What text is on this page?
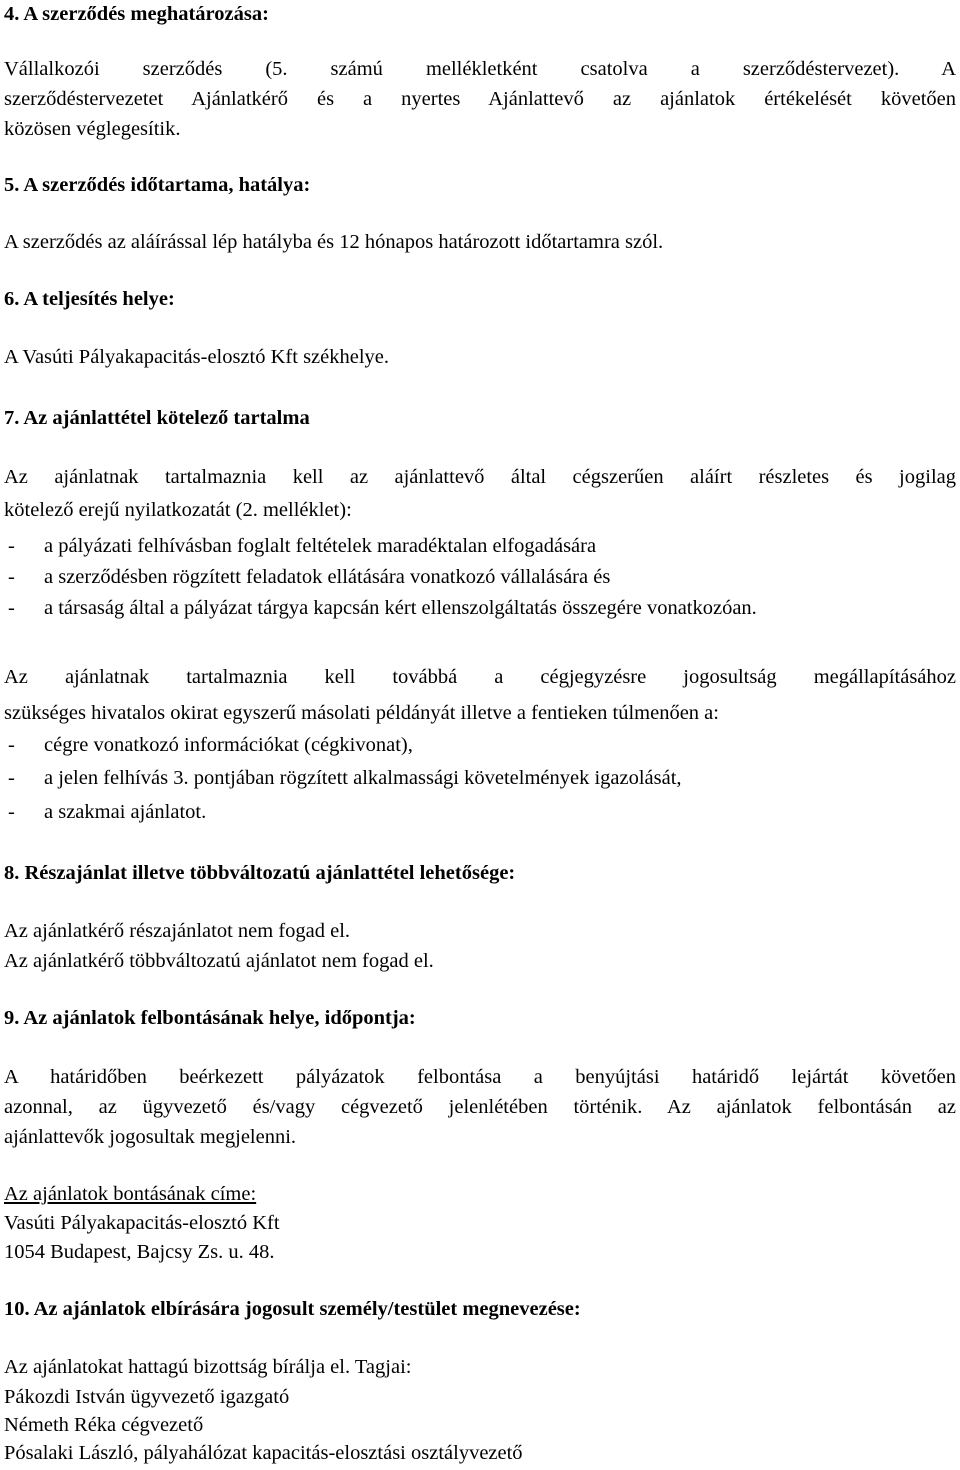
4. A szerződés meghatározása:
Vállalkozói szerződés (5. számú mellékletként csatolva a szerződéstervezet). A
szerződéstervezetet Ajánlatkérő és a nyertes Ajánlattevő az ajánlatok értékelését követően
közösen véglegesítik.
5. A szerződés időtartama, hatálya:
A szerződés az aláírással lép hatályba és 12 hónapos határozott időtartamra szól.
6. A teljesítés helye:
A Vasúti Pályakapacitás-elosztó Kft székhelye.
7. Az ajánlattétel kötelező tartalma
Az ajánlatnak tartalmaznia kell az ajánlattevő által cégszerűen aláírt részletes és jogilag
kötelező erejű nyilatkozatát (2. melléklet):
- a pályázati felhívásban foglalt feltételek maradéktalan elfogadására
- a szerződésben rögzített feladatok ellátására vonatkozó vállalására és
- a társaság által a pályázat tárgya kapcsán kért ellenszolgáltatás összegére vonatkozóan.
Az ajánlatnak tartalmaznia kell továbbá a cégjegyzésre jogosultság megállapításához
szükséges hivatalos okirat egyszerű másolati példányát illetve a fentieken túlmenően a:
- cégre vonatkozó információkat (cégkivonat),
- a jelen felhívás 3. pontjában rögzített alkalmassági követelmények igazolását,
- a szakmai ajánlatot.
8. Részajánlat illetve többváltozatú ajánlattétel lehetősége:
Az ajánlatkérő részajánlatot nem fogad el.
Az ajánlatkérő többváltozatú ajánlatot nem fogad el.
9. Az ajánlatok felbontásának helye, időpontja:
A határidőben beérkezett pályázatok felbontása a benyújtási határidő lejártát követően
azonnal, az ügyvezető és/vagy cégvezető jelenlétében történik. Az ajánlatok felbontásán az
ajánlattevők jogosultak megjelenni.
Az ajánlatok bontásának címe:
Vasúti Pályakapacitás-elosztó Kft
1054 Budapest, Bajcsy Zs. u. 48.
10. Az ajánlatok elbírására jogosult személy/testület megnevezése:
Az ajánlatokat hattagú bizottság bírálja el. Tagjai:
Pákozdi István ügyvezető igazgató
Németh Réka cégvezető
Pósalaki László, pályahálózat kapacitás-elosztási osztályvezető
